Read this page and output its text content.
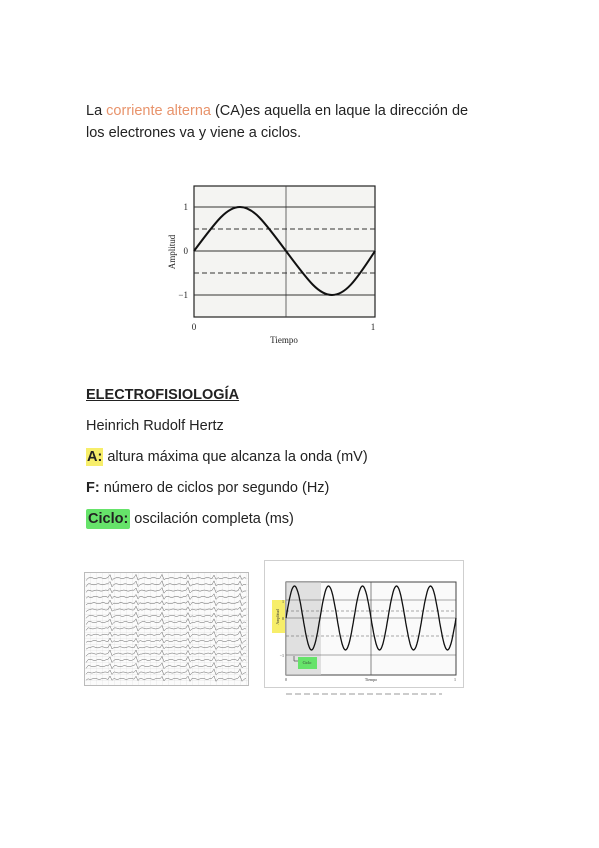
La corriente alterna (CA)es aquella en laque la dirección de
los electrones va y viene a ciclos.

1
0
−1
0	1
Tiempo
Amplitud

ELECTROFISIOLOGÍA

Heinrich Rudolf Hertz

A: altura máxima que alcanza la onda (mV)

F: número de ciclos por segundo (Hz)

Ciclo: oscilación completa (ms)

Amplitud
Ciclo
1
0
−1
0	1
Tiempo
